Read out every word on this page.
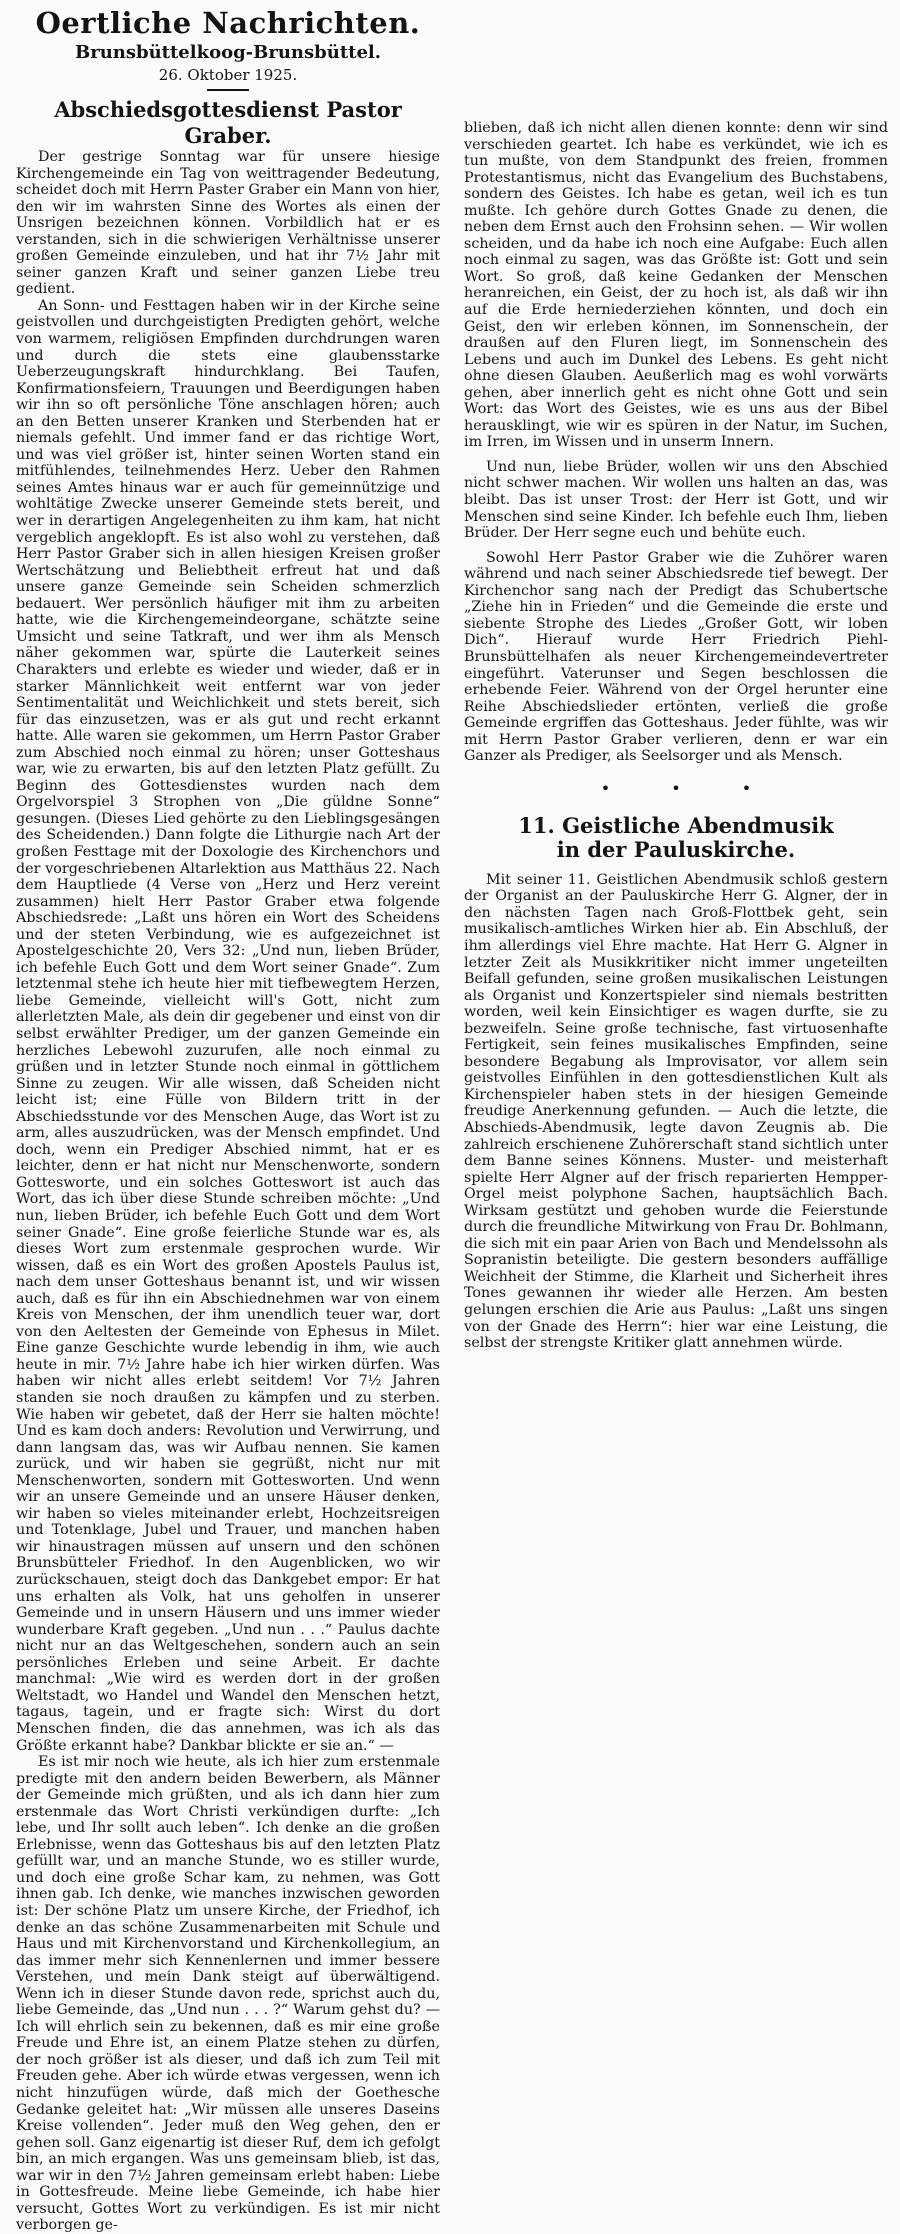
Oertliche Nachrichten.
Brunsbüttelkoog-Brunsbüttel.
26. Oktober 1925.
Abschiedsgottesdienst Pastor Graber.

Der gestrige Sonntag war für unsere hiesige Kirchengemeinde ein Tag von weittragender Bedeutung, scheidet doch mit Herrn Paster Graber ein Mann von hier, den wir im wahrsten Sinne des Wortes als einen der Unsrigen bezeichnen können. Vorbildlich hat er es verstanden, sich in die schwierigen Verhältnisse unserer großen Gemeinde einzuleben, und hat ihr 7½ Jahr mit seiner ganzen Kraft und seiner ganzen Liebe treu gedient.

An Sonn- und Festtagen haben wir in der Kirche seine geistvollen und durchgeistigten Predigten gehört, welche von warmem, religiösen Empfinden durchdrungen waren und durch die stets eine glaubensstarke Ueberzeugungskraft hindurchklang. Bei Taufen, Konfirmationsfeiern, Trauungen und Beerdigungen haben wir ihn so oft persönliche Töne anschlagen hören; auch an den Betten unserer Kranken und Sterbenden hat er niemals gefehlt. Und immer fand er das richtige Wort, und was viel größer ist, hinter seinen Worten stand ein mitfühlendes, teilnehmendes Herz. Ueber den Rahmen seines Amtes hinaus war er auch für gemeinnützige und wohltätige Zwecke unserer Gemeinde stets bereit, und wer in derartigen Angelegenheiten zu ihm kam, hat nicht vergeblich angeklopft. Es ist also wohl zu verstehen, daß Herr Pastor Graber sich in allen hiesigen Kreisen großer Wertschätzung und Beliebtheit erfreut hat und daß unsere ganze Gemeinde sein Scheiden schmerzlich bedauert. Wer persönlich häufiger mit ihm zu arbeiten hatte, wie die Kirchengemeindeorgane, schätzte seine Umsicht und seine Tatkraft, und wer ihm als Mensch näher gekommen war, spürte die Lauterkeit seines Charakters und erlebte es wieder und wieder, daß er in starker Männlichkeit weit entfernt war von jeder Sentimentalität und Weichlichkeit und stets bereit, sich für das einzusetzen, was er als gut und recht erkannt hatte. Alle waren sie gekommen, um Herrn Pastor Graber zum Abschied noch einmal zu hören; unser Gotteshaus war, wie zu erwarten, bis auf den letzten Platz gefüllt. Zu Beginn des Gottesdienstes wurden nach dem Orgelvorspiel 3 Strophen von „Die güldne Sonne“ gesungen. (Dieses Lied gehörte zu den Lieblingsgesängen des Scheidenden.) Dann folgte die Lithurgie nach Art der großen Festtage mit der Doxologie des Kirchenchors und der vorgeschriebenen Altarlektion aus Matthäus 22. Nach dem Hauptliede (4 Verse von „Herz und Herz vereint zusammen) hielt Herr Pastor Graber etwa folgende Abschiedsrede: „Laßt uns hören ein Wort des Scheidens und der steten Verbindung, wie es aufgezeichnet ist Apostelgeschichte 20, Vers 32: „Und nun, lieben Brüder, ich befehle Euch Gott und dem Wort seiner Gnade“. Zum letztenmal stehe ich heute hier mit tiefbewegtem Herzen, liebe Gemeinde, vielleicht will's Gott, nicht zum allerletzten Male, als dein dir gegebener und einst von dir selbst erwählter Prediger, um der ganzen Gemeinde ein herzliches Lebewohl zuzurufen, alle noch einmal zu grüßen und in letzter Stunde noch einmal in göttlichem Sinne zu zeugen. Wir alle wissen, daß Scheiden nicht leicht ist; eine Fülle von Bildern tritt in der Abschiedsstunde vor des Menschen Auge, das Wort ist zu arm, alles auszudrücken, was der Mensch empfindet. Und doch, wenn ein Prediger Abschied nimmt, hat er es leichter, denn er hat nicht nur Menschenworte, sondern Gottesworte, und ein solches Gotteswort ist auch das Wort, das ich über diese Stunde schreiben möchte: „Und nun, lieben Brüder, ich befehle Euch Gott und dem Wort seiner Gnade“. Eine große feierliche Stunde war es, als dieses Wort zum erstenmale gesprochen wurde. Wir wissen, daß es ein Wort des großen Apostels Paulus ist, nach dem unser Gotteshaus benannt ist, und wir wissen auch, daß es für ihn ein Abschiednehmen war von einem Kreis von Menschen, der ihm unendlich teuer war, dort von den Aeltesten der Gemeinde von Ephesus in Milet. Eine ganze Geschichte wurde lebendig in ihm, wie auch heute in mir. 7½ Jahre habe ich hier wirken dürfen. Was haben wir nicht alles erlebt seitdem! Vor 7½ Jahren standen sie noch draußen zu kämpfen und zu sterben. Wie haben wir gebetet, daß der Herr sie halten möchte! Und es kam doch anders: Revolution und Verwirrung, und dann langsam das, was wir Aufbau nennen. Sie kamen zurück, und wir haben sie gegrüßt, nicht nur mit Menschenworten, sondern mit Gottesworten. Und wenn wir an unsere Gemeinde und an unsere Häuser denken, wir haben so vieles miteinander erlebt, Hochzeitsreigen und Totenklage, Jubel und Trauer, und manchen haben wir hinaustragen müssen auf unsern und den schönen Brunsbütteler Friedhof. In den Augenblicken, wo wir zurückschauen, steigt doch das Dankgebet empor: Er hat uns erhalten als Volk, hat uns geholfen in unserer Gemeinde und in unsern Häusern und uns immer wieder wunderbare Kraft gegeben. „Und nun . . .“ Paulus dachte nicht nur an das Weltgeschehen, sondern auch an sein persönliches Erleben und seine Arbeit. Er dachte manchmal: „Wie wird es werden dort in der großen Weltstadt, wo Handel und Wandel den Menschen hetzt, tagaus, tagein, und er fragte sich: Wirst du dort Menschen finden, die das annehmen, was ich als das Größte erkannt habe? Dankbar blickte er sie an.“ —

Es ist mir noch wie heute, als ich hier zum erstenmale predigte mit den andern beiden Bewerbern, als Männer der Gemeinde mich grüßten, und als ich dann hier zum erstenmale das Wort Christi verkündigen durfte: „Ich lebe, und Ihr sollt auch leben“. Ich denke an die großen Erlebnisse, wenn das Gotteshaus bis auf den letzten Platz gefüllt war, und an manche Stunde, wo es stiller wurde, und doch eine große Schar kam, zu nehmen, was Gott ihnen gab. Ich denke, wie manches inzwischen geworden ist: Der schöne Platz um unsere Kirche, der Friedhof, ich denke an das schöne Zusammenarbeiten mit Schule und Haus und mit Kirchenvorstand und Kirchenkollegium, an das immer mehr sich Kennenlernen und immer bessere Verstehen, und mein Dank steigt auf überwältigend. Wenn ich in dieser Stunde davon rede, sprichst auch du, liebe Gemeinde, das „Und nun . . . ?“ Warum gehst du? — Ich will ehrlich sein zu bekennen, daß es mir eine große Freude und Ehre ist, an einem Platze stehen zu dürfen, der noch größer ist als dieser, und daß ich zum Teil mit Freuden gehe. Aber ich würde etwas vergessen, wenn ich nicht hinzufügen würde, daß mich der Goethesche Gedanke geleitet hat: „Wir müssen alle unseres Daseins Kreise vollenden“. Jeder muß den Weg gehen, den er gehen soll. Ganz eigenartig ist dieser Ruf, dem ich gefolgt bin, an mich ergangen. Was uns gemeinsam blieb, ist das, war wir in den 7½ Jahren gemeinsam erlebt haben: Liebe in Gottesfreude. Meine liebe Gemeinde, ich habe hier versucht, Gottes Wort zu verkündigen. Es ist mir nicht verborgen ge-

blieben, daß ich nicht allen dienen konnte: denn wir sind verschieden geartet. Ich habe es verkündet, wie ich es tun mußte, von dem Standpunkt des freien, frommen Protestantismus, nicht das Evangelium des Buchstabens, sondern des Geistes. Ich habe es getan, weil ich es tun mußte. Ich gehöre durch Gottes Gnade zu denen, die neben dem Ernst auch den Frohsinn sehen. — Wir wollen scheiden, und da habe ich noch eine Aufgabe: Euch allen noch einmal zu sagen, was das Größte ist: Gott und sein Wort. So groß, daß keine Gedanken der Menschen heranreichen, ein Geist, der zu hoch ist, als daß wir ihn auf die Erde herniederziehen könnten, und doch ein Geist, den wir erleben können, im Sonnenschein, der draußen auf den Fluren liegt, im Sonnenschein des Lebens und auch im Dunkel des Lebens. Es geht nicht ohne diesen Glauben. Aeußerlich mag es wohl vorwärts gehen, aber innerlich geht es nicht ohne Gott und sein Wort: das Wort des Geistes, wie es uns aus der Bibel herausklingt, wie wir es spüren in der Natur, im Suchen, im Irren, im Wissen und in unserm Innern.

Und nun, liebe Brüder, wollen wir uns den Abschied nicht schwer machen. Wir wollen uns halten an das, was bleibt. Das ist unser Trost: der Herr ist Gott, und wir Menschen sind seine Kinder. Ich befehle euch Ihm, lieben Brüder. Der Herr segne euch und behüte euch.

Sowohl Herr Pastor Graber wie die Zuhörer waren während und nach seiner Abschiedsrede tief bewegt. Der Kirchenchor sang nach der Predigt das Schubertsche „Ziehe hin in Frieden“ und die Gemeinde die erste und siebente Strophe des Liedes „Großer Gott, wir loben Dich“. Hierauf wurde Herr Friedrich Piehl-Brunsbüttelhafen als neuer Kirchengemeindevertreter eingeführt. Vaterunser und Segen beschlossen die erhebende Feier. Während von der Orgel herunter eine Reihe Abschiedslieder ertönten, verließ die große Gemeinde ergriffen das Gotteshaus. Jeder fühlte, was wir mit Herrn Pastor Graber verlieren, denn er war ein Ganzer als Prediger, als Seelsorger und als Mensch.

• • •
11. Geistliche Abendmusik
in der Pauluskirche.

Mit seiner 11. Geistlichen Abendmusik schloß gestern der Organist an der Pauluskirche Herr G. Algner, der in den nächsten Tagen nach Groß-Flottbek geht, sein musikalisch-amtliches Wirken hier ab. Ein Abschluß, der ihm allerdings viel Ehre machte. Hat Herr G. Algner in letzter Zeit als Musikkritiker nicht immer ungeteilten Beifall gefunden, seine großen musikalischen Leistungen als Organist und Konzertspieler sind niemals bestritten worden, weil kein Einsichtiger es wagen durfte, sie zu bezweifeln. Seine große technische, fast virtuosenhafte Fertigkeit, sein feines musikalisches Empfinden, seine besondere Begabung als Improvisator, vor allem sein geistvolles Einfühlen in den gottesdienstlichen Kult als Kirchenspieler haben stets in der hiesigen Gemeinde freudige Anerkennung gefunden. — Auch die letzte, die Abschieds-Abendmusik, legte davon Zeugnis ab. Die zahlreich erschienene Zuhörerschaft stand sichtlich unter dem Banne seines Könnens. Muster- und meisterhaft spielte Herr Algner auf der frisch reparierten Hempper-Orgel meist polyphone Sachen, hauptsächlich Bach. Wirksam gestützt und gehoben wurde die Feierstunde durch die freundliche Mitwirkung von Frau Dr. Bohlmann, die sich mit ein paar Arien von Bach und Mendelssohn als Sopranistin beteiligte. Die gestern besonders auffällige Weichheit der Stimme, die Klarheit und Sicherheit ihres Tones gewannen ihr wieder alle Herzen. Am besten gelungen erschien die Arie aus Paulus: „Laßt uns singen von der Gnade des Herrn“: hier war eine Leistung, die selbst der strengste Kritiker glatt annehmen würde.
